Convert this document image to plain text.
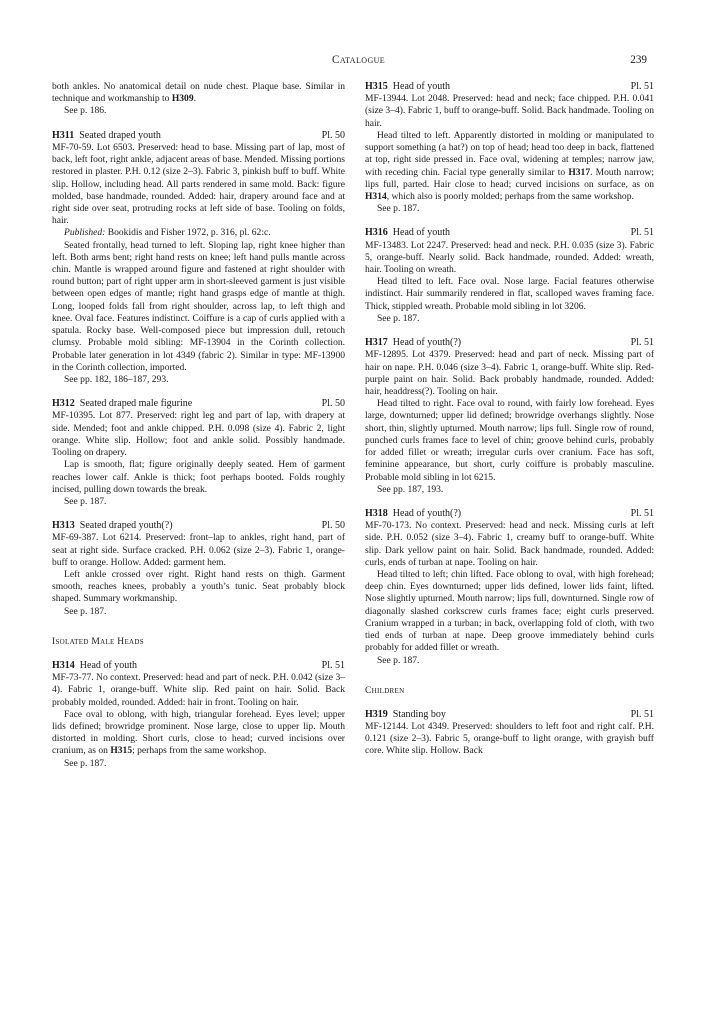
Catalogue	239

both ankles. No anatomical detail on nude chest. Plaque base. Similar in technique and workmanship to H309.

See p. 186.

H311 Seated draped youth	Pl. 50

MF-70-59. Lot 6503. Preserved: head to base. Missing part of lap, most of back, left foot, right ankle, adjacent areas of base. Mended. Missing portions restored in plaster. P.H. 0.12 (size 2–3). Fabric 3, pinkish buff to buff. White slip. Hollow, including head. All parts rendered in same mold. Back: figure molded, base handmade, rounded. Added: hair, drapery around face and at right side over seat, protruding rocks at left side of base. Tooling on folds, hair.

Published: Bookidis and Fisher 1972, p. 316, pl. 62:c.

Seated frontally, head turned to left. Sloping lap, right knee higher than left. Both arms bent; right hand rests on knee; left hand pulls mantle across chin. Mantle is wrapped around figure and fastened at right shoulder with round button; part of right upper arm in short-sleeved garment is just visible between open edges of mantle; right hand grasps edge of mantle at thigh. Long, looped folds fall from right shoulder, across lap, to left thigh and knee. Oval face. Features indistinct. Coiffure is a cap of curls applied with a spatula. Rocky base. Well-composed piece but impression dull, retouch clumsy. Probable mold sibling: MF-13904 in the Corinth collection. Probable later generation in lot 4349 (fabric 2). Similar in type: MF-13900 in the Corinth collection, imported.

See pp. 182, 186–187, 293.

H312 Seated draped male figurine	Pl. 50

MF-10395. Lot 877. Preserved: right leg and part of lap, with drapery at side. Mended; foot and ankle chipped. P.H. 0.098 (size 4). Fabric 2, light orange. White slip. Hollow; foot and ankle solid. Possibly handmade. Tooling on drapery.

Lap is smooth, flat; figure originally deeply seated. Hem of garment reaches lower calf. Ankle is thick; foot perhaps booted. Folds roughly incised, pulling down towards the break.

See p. 187.

H313 Seated draped youth(?)	Pl. 50

MF-69-387. Lot 6214. Preserved: front–lap to ankles, right hand, part of seat at right side. Surface cracked. P.H. 0.062 (size 2–3). Fabric 1, orange-buff to orange. Hollow. Added: garment hem.

Left ankle crossed over right. Right hand rests on thigh. Garment smooth, reaches knees, probably a youth’s tunic. Seat probably block shaped. Summary workmanship.

See p. 187.

Isolated Male Heads
H314 Head of youth	Pl. 51

MF-73-77. No context. Preserved: head and part of neck. P.H. 0.042 (size 3–4). Fabric 1, orange-buff. White slip. Red paint on hair. Solid. Back probably molded, rounded. Added: hair in front. Tooling on hair.

Face oval to oblong, with high, triangular forehead. Eyes level; upper lids defined; browridge prominent. Nose large, close to upper lip. Mouth distorted in molding. Short curls, close to head; curved incisions over cranium, as on H315; perhaps from the same workshop.

See p. 187.

H315 Head of youth	Pl. 51

MF-13944. Lot 2048. Preserved: head and neck; face chipped. P.H. 0.041 (size 3–4). Fabric 1, buff to orange-buff. Solid. Back handmade. Tooling on hair.

Head tilted to left. Apparently distorted in molding or manipulated to support something (a hat?) on top of head; head too deep in back, flattened at top, right side pressed in. Face oval, widening at temples; narrow jaw, with receding chin. Facial type generally similar to H317. Mouth narrow; lips full, parted. Hair close to head; curved incisions on surface, as on H314, which also is poorly molded; perhaps from the same workshop.

See p. 187.

H316 Head of youth	Pl. 51

MF-13483. Lot 2247. Preserved: head and neck. P.H. 0.035 (size 3). Fabric 5, orange-buff. Nearly solid. Back handmade, rounded. Added: wreath, hair. Tooling on wreath.

Head tilted to left. Face oval. Nose large. Facial features otherwise indistinct. Hair summarily rendered in flat, scalloped waves framing face. Thick, stippled wreath. Probable mold sibling in lot 3206.

See p. 187.

H317 Head of youth(?)	Pl. 51

MF-12895. Lot 4379. Preserved: head and part of neck. Missing part of hair on nape. P.H. 0.046 (size 3–4). Fabric 1, orange-buff. White slip. Red-purple paint on hair. Solid. Back probably handmade, rounded. Added: hair, headdress(?). Tooling on hair.

Head tilted to right. Face oval to round, with fairly low forehead. Eyes large, downturned; upper lid defined; browridge overhangs slightly. Nose short, thin, slightly upturned. Mouth narrow; lips full. Single row of round, punched curls frames face to level of chin; groove behind curls, probably for added fillet or wreath; irregular curls over cranium. Face has soft, feminine appearance, but short, curly coiffure is probably masculine. Probable mold sibling in lot 6215.

See pp. 187, 193.

H318 Head of youth(?)	Pl. 51

MF-70-173. No context. Preserved: head and neck. Missing curls at left side. P.H. 0.052 (size 3–4). Fabric 1, creamy buff to orange-buff. White slip. Dark yellow paint on hair. Solid. Back handmade, rounded. Added: curls, ends of turban at nape. Tooling on hair.

Head tilted to left; chin lifted. Face oblong to oval, with high forehead; deep chin. Eyes downturned; upper lids defined, lower lids faint, lifted. Nose slightly upturned. Mouth narrow; lips full, downturned. Single row of diagonally slashed corkscrew curls frames face; eight curls preserved. Cranium wrapped in a turban; in back, overlapping fold of cloth, with two tied ends of turban at nape. Deep groove immediately behind curls probably for added fillet or wreath.

See p. 187.

Children
H319 Standing boy	Pl. 51

MF-12144. Lot 4349. Preserved: shoulders to left foot and right calf. P.H. 0.121 (size 2–3). Fabric 5, orange-buff to light orange, with grayish buff core. White slip. Hollow. Back
